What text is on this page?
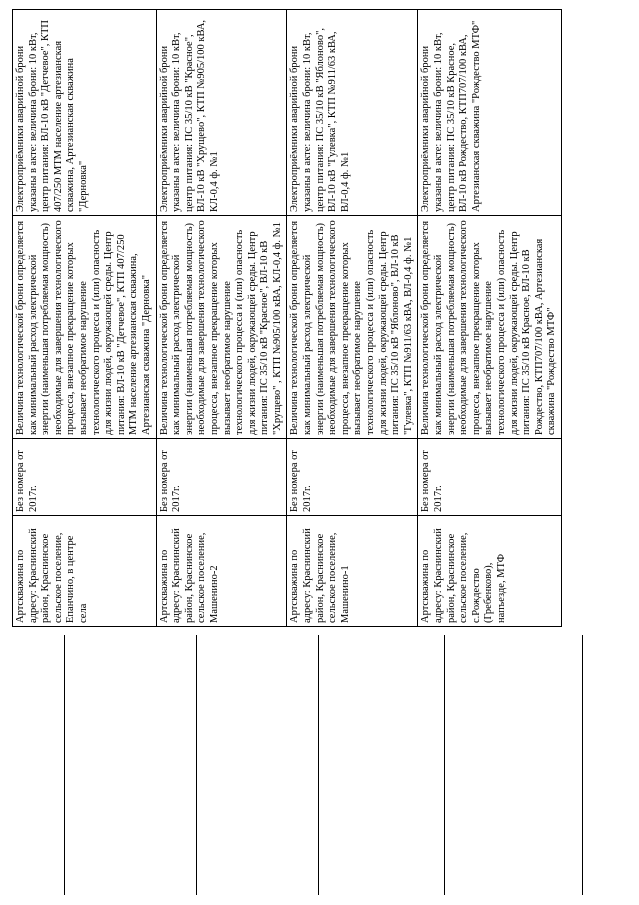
Артскважина по адресу: Краснинский район, Краснинское сельское поселение, Епанчино, в центре села	Без номера от 2017г.	Величина технологической брони определяется как минимальный расход электрической энергии (наименьшая потребляемая мощность) необходимые для завершения технологического процесса, внезапное прекращение которых вызывает необратимое нарушение технологического процесса и (или) опасность для жизни людей, окружающей среды. Центр питания: ВЛ-10 кВ "Детчевое", КТП 407/250 МТМ население артезианская скважина, Артезианская скважина "Дерновка"	Электроприёмники аварийной брони указаны в акте: величина брони: 10 кВт, центр питания: ВЛ-10 кВ "Детчевое", КТП 407/250 МТМ население артезианская скважина, Артезианская скважина "Дерновка"
Артскважина по адресу: Краснинский район, Краснинское сельское поселение, Машенино-2	Без номера от 2017г.	Величина технологической брони определяется как минимальный расход электрической энергии (наименьшая потребляемая мощность) необходимые для завершения технологического процесса, внезапное прекращение которых вызывает необратимое нарушение технологического процесса и (или) опасность для жизни людей, окружающей среды. Центр питания: ПС 35/10 кВ "Красное", ВЛ-10 кВ "Хрущево" , КТП №905/100 кВА, КЛ-0,4 ф. №1	Электроприёмники аварийной брони указаны в акте: величина брони: 10 кВт, центр питания: ПС 35/10 кВ "Красное", ВЛ-10 кВ "Хрущево", КТП №905/100 кВА, КЛ-0,4 ф. №1
Артскважина по адресу: Краснинский район, Краснинское сельское поселение, Машенино-1	Без номера от 2017г.	Величина технологической брони определяется как минимальный расход электрической энергии (наименьшая потребляемая мощность) необходимые для завершения технологического процесса, внезапное прекращение которых вызывает необратимое нарушение технологического процесса и (или) опасность для жизни людей, окружающей среды. Центр питания: ПС 35/10 кВ "Яблоново", ВЛ-10 кВ "Гулевка", КТП №911/63 кВА, ВЛ-0,4 ф. №1	Электроприёмники аварийной брони указаны в акте: величина брони: 10 кВт, центр питания: ПС 35/10 кВ "Яблоново", ВЛ-10 кВ "Гулевка", КТП №911/63 кВА, ВЛ-0,4 ф. №1
Артскважина по адресу: Краснинский район, Краснинское сельское поселение, с.Рождество (Гребенково), напъездe, МТФ	Без номера от 2017г.	Величина технологической брони определяется как минимальный расход электрической энергии (наименьшая потребляемая мощность) необходимые для завершения технологического процесса, внезапное прекращение которых вызывает необратимое нарушение технологического процесса и (или) опасность для жизни людей, окружающей среды. Центр питания: ПС 35/10 кВ Красное, ВЛ-10 кВ Рождество, КТП707/100 кВА, Артезианская скважина "Рождество МТФ"	Электроприёмники аварийной брони указаны в акте: величина брони: 10 кВт, центр питания: ПС 35/10 кВ Красное, ВЛ-10 кВ Рождество, КТП707/100 кВА, Артезианская скважина "Рождество МТФ"
